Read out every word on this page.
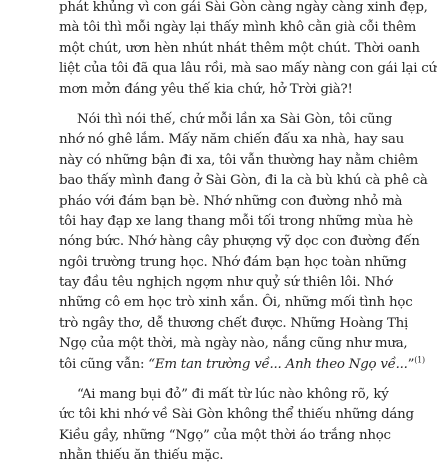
phát khủng vì con gái Sài Gòn càng ngày càng xinh đẹp,
mà tôi thì mỗi ngày lại thấy mình khô cằn già cỗi thêm
một chút, ươn hèn nhút nhát thêm một chút. Thời oanh
liệt của tôi đã qua lâu rồi, mà sao mấy nàng con gái lại cứ
mơn mởn đáng yêu thế kia chứ, hở Trời già?!
Nói thì nói thế, chứ mỗi lần xa Sài Gòn, tôi cũng
nhớ nó ghê lắm. Mấy năm chiến đấu xa nhà, hay sau
này có những bận đi xa, tôi vẫn thường hay nằm chiêm
bao thấy mình đang ở Sài Gòn, đi la cà bù khú cà phê cà
pháo với đám bạn bè. Nhớ những con đường nhỏ mà
tôi hay đạp xe lang thang mỗi tối trong những mùa hè
nóng bức. Nhớ hàng cây phượng vỹ dọc con đường đến
ngôi trường trung học. Nhớ đám bạn học toàn những
tay đầu têu nghịch ngợm như quỷ sứ thiên lôi. Nhớ
những cô em học trò xinh xắn. Ôi, những mối tình học
trò ngây thơ, dễ thương chết được. Những Hoàng Thị
Ngọ của một thời, mà ngày nào, nắng cũng như mưa,
tôi cũng vẫn: “Em tan trường về... Anh theo Ngọ về...”$^{(1)}$
“Ai mang bụi đỏ” đi mất từ lúc nào không rõ, ký
ức tôi khi nhớ về Sài Gòn không thể thiếu những dáng
Kiều gầy, những “Ngọ” của một thời áo trắng nhọc
nhằn thiếu ăn thiếu mặc.
